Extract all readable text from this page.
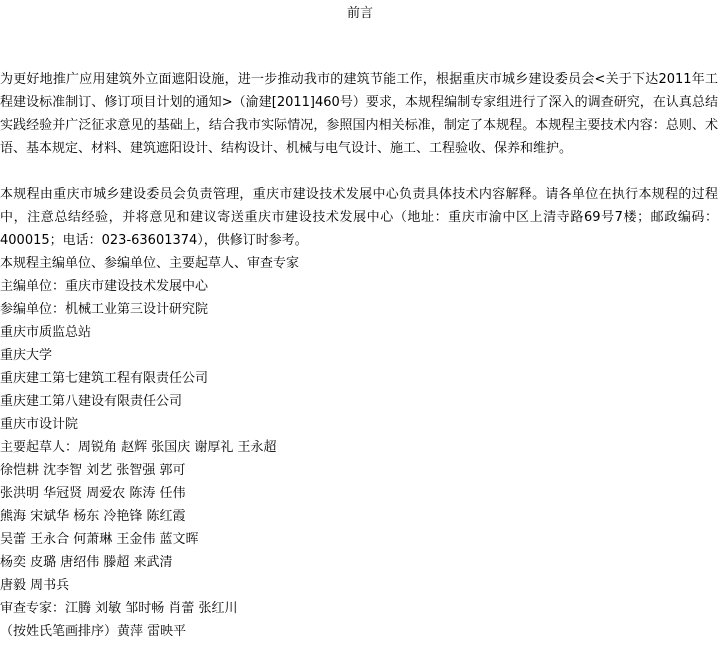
前言

为更好地推广应用建筑外立面遮阳设施，进一步推动我市的建筑节能工作，根据重庆市城乡建设委员会<关于下达2011年工程建设标准制订、修订项目计划的通知>（渝建[2011]460号）要求，本规程编制专家组进行了深入的调查研究，在认真总结实践经验并广泛征求意见的基础上，结合我市实际情况，参照国内相关标准，制定了本规程。本规程主要技术内容：总则、术语、基本规定、材料、建筑遮阳设计、结构设计、机械与电气设计、施工、工程验收、保养和维护。

本规程由重庆市城乡建设委员会负责管理，重庆市建设技术发展中心负责具体技术内容解释。请各单位在执行本规程的过程中，注意总结经验，并将意见和建议寄送重庆市建设技术发展中心（地址：重庆市渝中区上清寺路69号7楼；邮政编码：400015；电话：023-63601374），供修订时参考。

本规程主编单位、参编单位、主要起草人、审查专家
主编单位：重庆市建设技术发展中心
参编单位：机械工业第三设计研究院
重庆市质监总站
重庆大学
重庆建工第七建筑工程有限责任公司
重庆建工第八建设有限责任公司
重庆市设计院
主要起草人：周锐角 赵辉 张国庆 谢厚礼 王永超
徐恺耕 沈李智 刘艺 张智强 郭可
张洪明 华冠贤 周爱农 陈涛 任伟
熊海 宋斌华 杨东 冷艳锋 陈红霞
吴蕾 王永合 何萧琳 王金伟 蓝文晖
杨奕 皮璐 唐绍伟 滕超 来武清
唐毅 周书兵
审查专家：江腾 刘敏 邹时畅 肖蕾 张红川
（按姓氏笔画排序）黄萍 雷映平
